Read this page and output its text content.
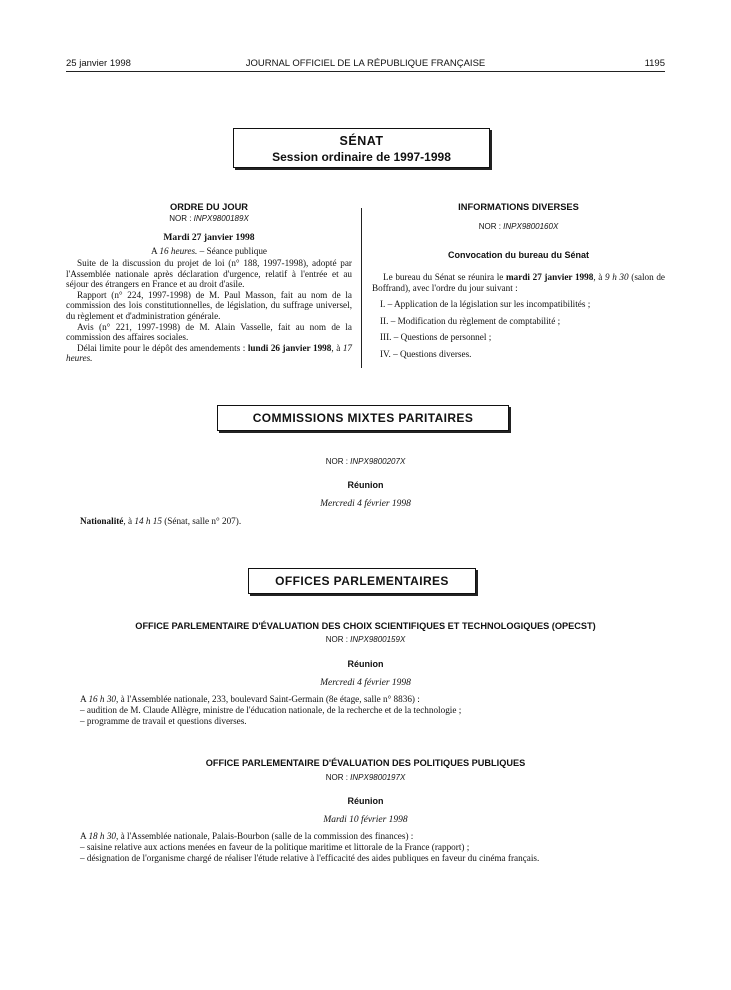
25 janvier 1998	JOURNAL OFFICIEL DE LA RÉPUBLIQUE FRANÇAISE	1195
SÉNAT
Session ordinaire de 1997-1998
ORDRE DU JOUR
NOR : INPX9800189X
Mardi 27 janvier 1998
A 16 heures. – Séance publique

Suite de la discussion du projet de loi (n° 188, 1997-1998), adopté par l'Assemblée nationale après déclaration d'urgence, relatif à l'entrée et au séjour des étrangers en France et au droit d'asile.

Rapport (n° 224, 1997-1998) de M. Paul Masson, fait au nom de la commission des lois constitutionnelles, de législation, du suffrage universel, du règlement et d'administration générale.

Avis (n° 221, 1997-1998) de M. Alain Vasselle, fait au nom de la commission des affaires sociales.

Délai limite pour le dépôt des amendements : lundi 26 janvier 1998, à 17 heures.

INFORMATIONS DIVERSES
NOR : INPX9800160X
Convocation du bureau du Sénat

Le bureau du Sénat se réunira le mardi 27 janvier 1998, à 9 h 30 (salon de Boffrand), avec l'ordre du jour suivant :

I. – Application de la législation sur les incompatibilités ;

II. – Modification du règlement de comptabilité ;

III. – Questions de personnel ;

IV. – Questions diverses.

COMMISSIONS MIXTES PARITAIRES
NOR : INPX9800207X
Réunion
Mercredi 4 février 1998
Nationalité, à 14 h 15 (Sénat, salle n° 207).
OFFICES PARLEMENTAIRES
OFFICE PARLEMENTAIRE D'ÉVALUATION DES CHOIX SCIENTIFIQUES ET TECHNOLOGIQUES (OPECST)
NOR : INPX9800159X
Réunion
Mercredi 4 février 1998
A 16 h 30, à l'Assemblée nationale, 233, boulevard Saint-Germain (8e étage, salle n° 8836) :
– audition de M. Claude Allègre, ministre de l'éducation nationale, de la recherche et de la technologie ;
– programme de travail et questions diverses.
OFFICE PARLEMENTAIRE D'ÉVALUATION DES POLITIQUES PUBLIQUES
NOR : INPX9800197X
Réunion
Mardi 10 février 1998
A 18 h 30, à l'Assemblée nationale, Palais-Bourbon (salle de la commission des finances) :
– saisine relative aux actions menées en faveur de la politique maritime et littorale de la France (rapport) ;
– désignation de l'organisme chargé de réaliser l'étude relative à l'efficacité des aides publiques en faveur du cinéma français.
